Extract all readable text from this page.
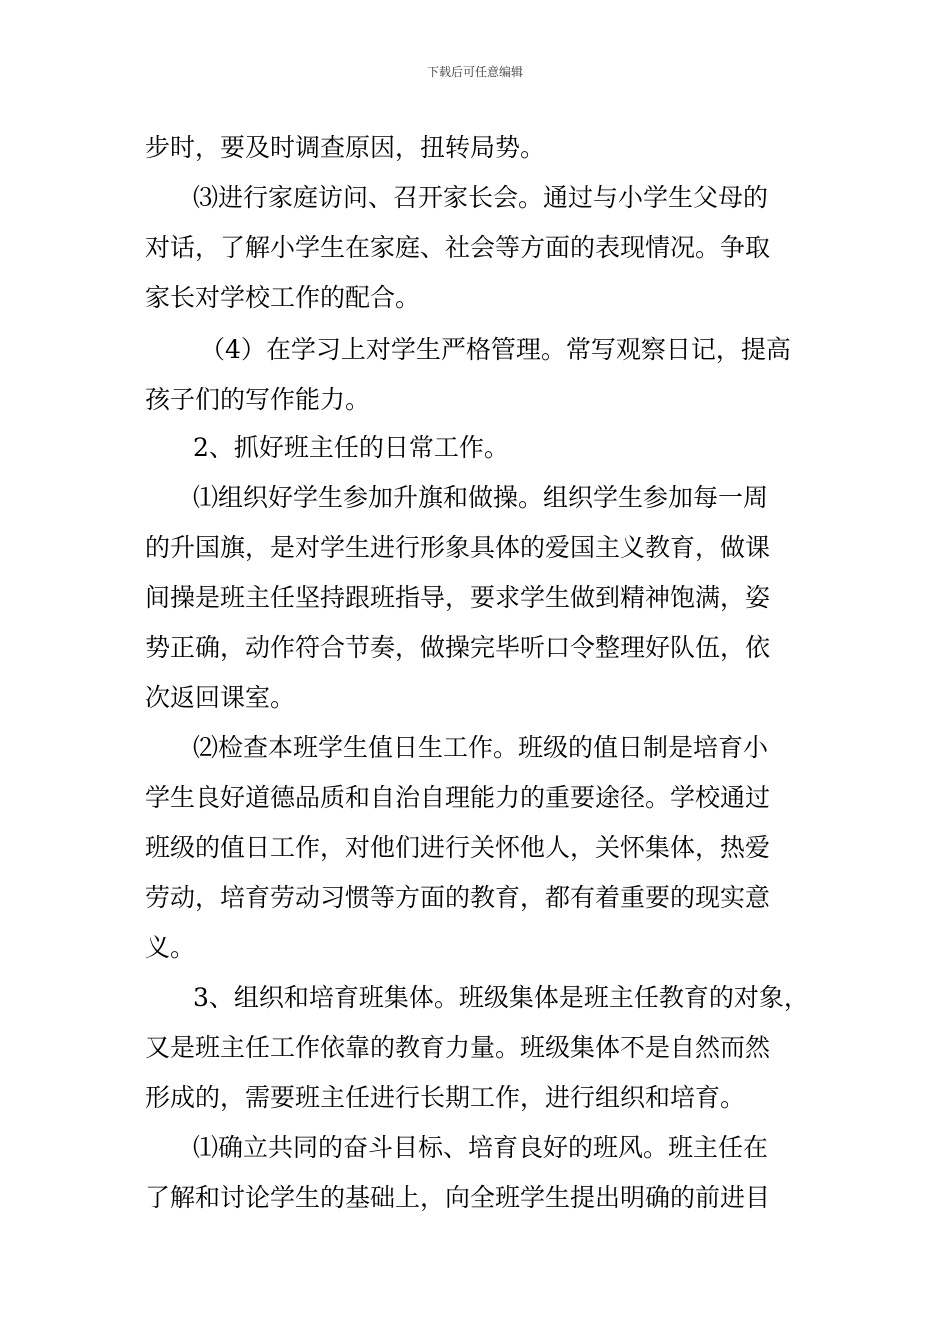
下载后可任意编辑
步时，要及时调查原因，扭转局势。
⑶进行家庭访问、召开家长会。通过与小学生父母的
对话，了解小学生在家庭、社会等方面的表现情况。争取
家长对学校工作的配合。
（4）在学习上对学生严格管理。常写观察日记，提高
孩子们的写作能力。
2、抓好班主任的日常工作。
⑴组织好学生参加升旗和做操。组织学生参加每一周
的升国旗，是对学生进行形象具体的爱国主义教育，做课
间操是班主任坚持跟班指导，要求学生做到精神饱满，姿
势正确，动作符合节奏，做操完毕听口令整理好队伍，依
次返回课室。
⑵检查本班学生值日生工作。班级的值日制是培育小
学生良好道德品质和自治自理能力的重要途径。学校通过
班级的值日工作，对他们进行关怀他人，关怀集体，热爱
劳动，培育劳动习惯等方面的教育，都有着重要的现实意
义。
3、组织和培育班集体。班级集体是班主任教育的对象，
又是班主任工作依靠的教育力量。班级集体不是自然而然
形成的，需要班主任进行长期工作，进行组织和培育。
⑴确立共同的奋斗目标、培育良好的班风。班主任在
了解和讨论学生的基础上，向全班学生提出明确的前进目
